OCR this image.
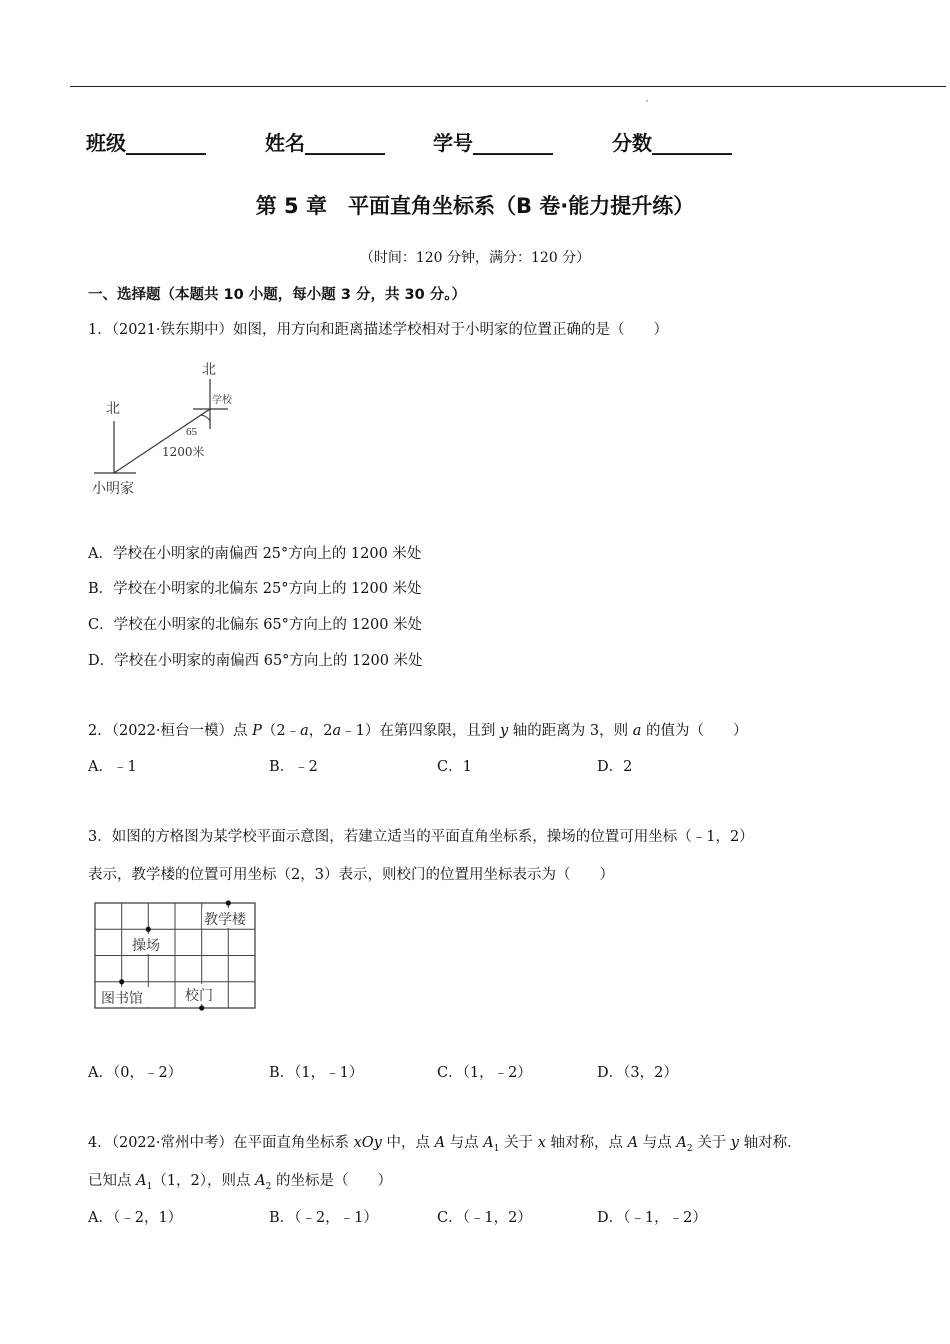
班级________	姓名________ 学号________	分数________
第 5 章　平面直角坐标系（B 卷·能力提升练）
（时间：120 分钟，满分：120 分）
一、选择题（本题共 10 小题，每小题 3 分，共 30 分。）
1．（2021·铁东期中）如图，用方向和距离描述学校相对于小明家的位置正确的是（　　）
北
北
学校
65
1200米
小明家
A．学校在小明家的南偏西 25°方向上的 1200 米处
B．学校在小明家的北偏东 25°方向上的 1200 米处
C．学校在小明家的北偏东 65°方向上的 1200 米处
D．学校在小明家的南偏西 65°方向上的 1200 米处
2．（2022·桓台一模）点 P（2﹣a，2a﹣1）在第四象限，且到 y 轴的距离为 3，则 a 的值为（　　）
A．﹣1	B．﹣2	C．1	D．2
3．如图的方格图为某学校平面示意图，若建立适当的平面直角坐标系，操场的位置可用坐标（﹣1，2）
表示，教学楼的位置可用坐标（2，3）表示，则校门的位置用坐标表示为（　　）
教学楼
操场
图书馆	校门
A．（0，﹣2）	B．（1，﹣1）	C．（1，﹣2）	D．（3，2）
4．（2022·常州中考）在平面直角坐标系 xOy 中，点 A 与点 $A_1$ 关于 x 轴对称，点 A 与点 $A_2$ 关于 y 轴对称．
已知点 $A_1(1$，2），则点 $A_2$ 的坐标是（　　）
A．（﹣2，1）	B．（﹣2，﹣1）	C．（﹣1，2）	D．（﹣1，﹣2）
